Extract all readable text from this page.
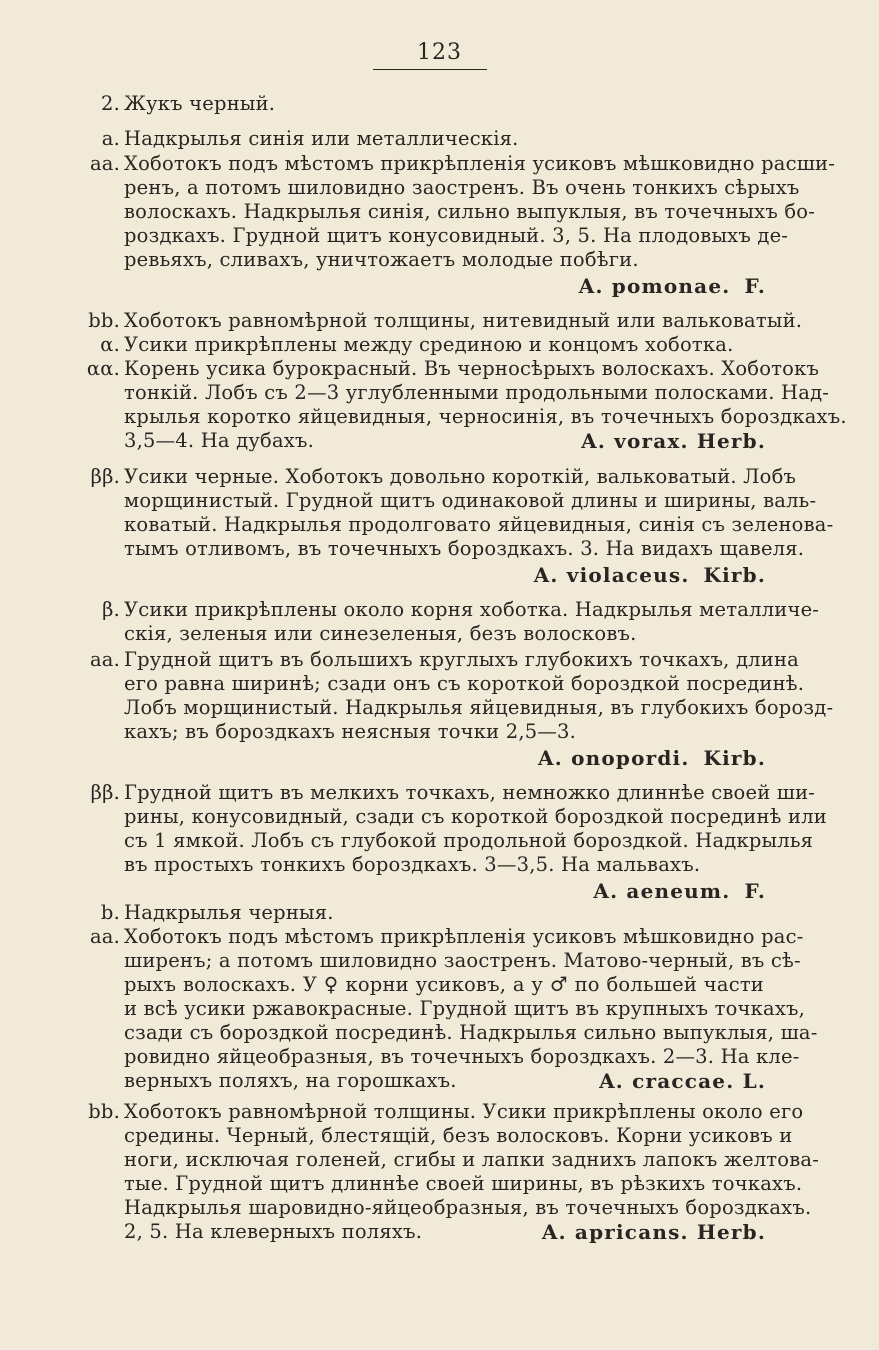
123
2. Жукъ черный.
a. Надкрылья синія или металлическія.
aa. Хоботокъ подъ мѣстомъ прикрѣпленія усиковъ мѣшковидно расши-
ренъ, а потомъ шиловидно заостренъ. Въ очень тонкихъ сѣрыхъ
волоскахъ. Надкрылья синія, сильно выпуклыя, въ точечныхъ бо-
роздкахъ. Грудной щитъ конусовидный. 3, 5. На плодовыхъ де-
ревьяхъ, сливахъ, уничтожаетъ молодые побѣги.
A. pomonae. F.
bb. Хоботокъ равномѣрной толщины, нитевидный или вальковатый.
α. Усики прикрѣплены между срединою и концомъ хоботка.
αα. Корень усика бурокрасный. Въ черносѣрыхъ волоскахъ. Хоботокъ
тонкій. Лобъ съ 2—3 углубленными продольными полосками. Над-
крылья коротко яйцевидныя, черносинія, въ точечныхъ бороздкахъ.
3,5—4. На дубахъ.	A. vorax. Herb.
ββ. Усики черные. Хоботокъ довольно короткій, вальковатый. Лобъ
морщинистый. Грудной щитъ одинаковой длины и ширины, валь-
коватый. Надкрылья продолговато яйцевидныя, синія съ зеленова-
тымъ отливомъ, въ точечныхъ бороздкахъ. 3. На видахъ щавеля.
A. violaceus. Kirb.
β. Усики прикрѣплены около корня хоботка. Надкрылья металличе-
скія, зеленыя или синезеленыя, безъ волосковъ.
aa. Грудной щитъ въ большихъ круглыхъ глубокихъ точкахъ, длина
его равна ширинѣ; сзади онъ съ короткой бороздкой посрединѣ.
Лобъ морщинистый. Надкрылья яйцевидныя, въ глубокихъ борозд-
кахъ; въ бороздкахъ неясныя точки 2,5—3.
A. onopordi. Kirb.
ββ. Грудной щитъ въ мелкихъ точкахъ, немножко длиннѣе своей ши-
рины, конусовидный, сзади съ короткой бороздкой посрединѣ или
съ 1 ямкой. Лобъ съ глубокой продольной бороздкой. Надкрылья
въ простыхъ тонкихъ бороздкахъ. 3—3,5. На мальвахъ.
A. aeneum. F.
b. Надкрылья черныя.
aa. Хоботокъ подъ мѣстомъ прикрѣпленія усиковъ мѣшковидно рас-
ширенъ; а потомъ шиловидно заостренъ. Матово-черный, въ сѣ-
рыхъ волоскахъ. У ♀ корни усиковъ, а у ♂ по большей части
и всѣ усики ржавокрасные. Грудной щитъ въ крупныхъ точкахъ,
сзади съ бороздкой посрединѣ. Надкрылья сильно выпуклыя, ша-
ровидно яйцеобразныя, въ точечныхъ бороздкахъ. 2—3. На кле-
верныхъ поляхъ, на горошкахъ.	A. craccae. L.
bb. Хоботокъ равномѣрной толщины. Усики прикрѣплены около его
средины. Черный, блестящій, безъ волосковъ. Корни усиковъ и
ноги, исключая голеней, сгибы и лапки заднихъ лапокъ желтова-
тые. Грудной щитъ длиннѣе своей ширины, въ рѣзкихъ точкахъ.
Надкрылья шаровидно-яйцеобразныя, въ точечныхъ бороздкахъ.
2, 5. На клеверныхъ поляхъ.	A. apricans. Herb.
